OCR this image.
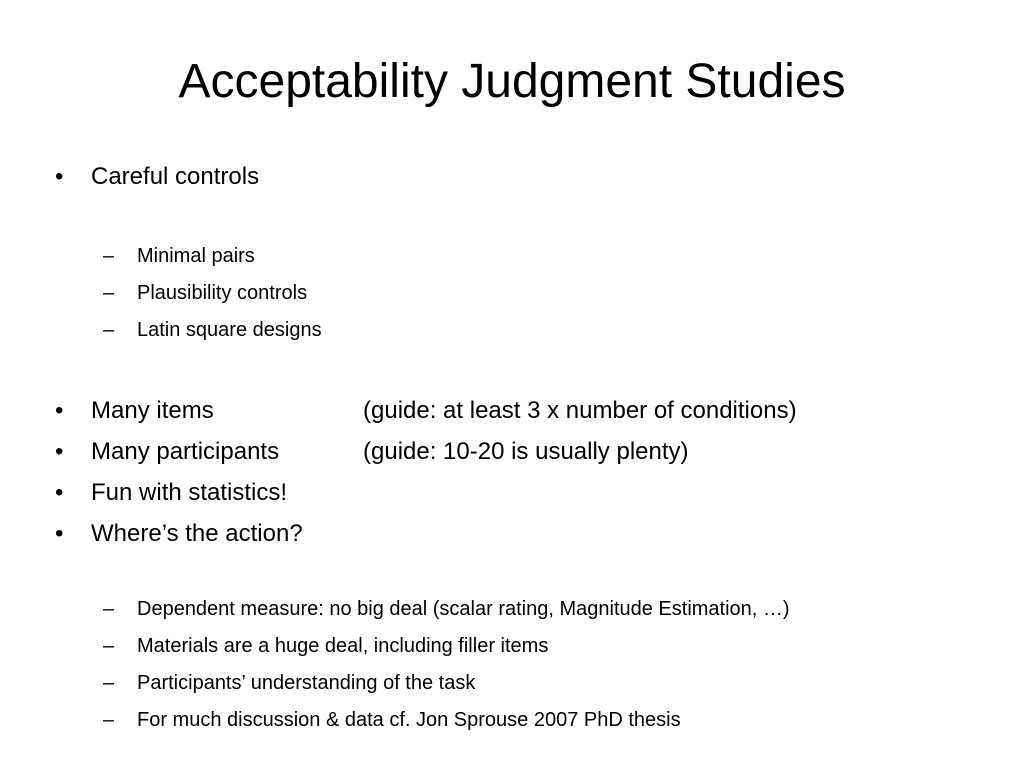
Acceptability Judgment Studies
•	Careful controls
– Minimal pairs
– Plausibility controls
– Latin square designs
•	Many items	(guide: at least 3 x number of conditions)
•	Many participants	(guide: 10-20 is usually plenty)
•	Fun with statistics!
•	Where’s the action?
– Dependent measure: no big deal (scalar rating, Magnitude Estimation, …)
– Materials are a huge deal, including filler items
– Participants’ understanding of the task
– For much discussion & data cf. Jon Sprouse 2007 PhD thesis
